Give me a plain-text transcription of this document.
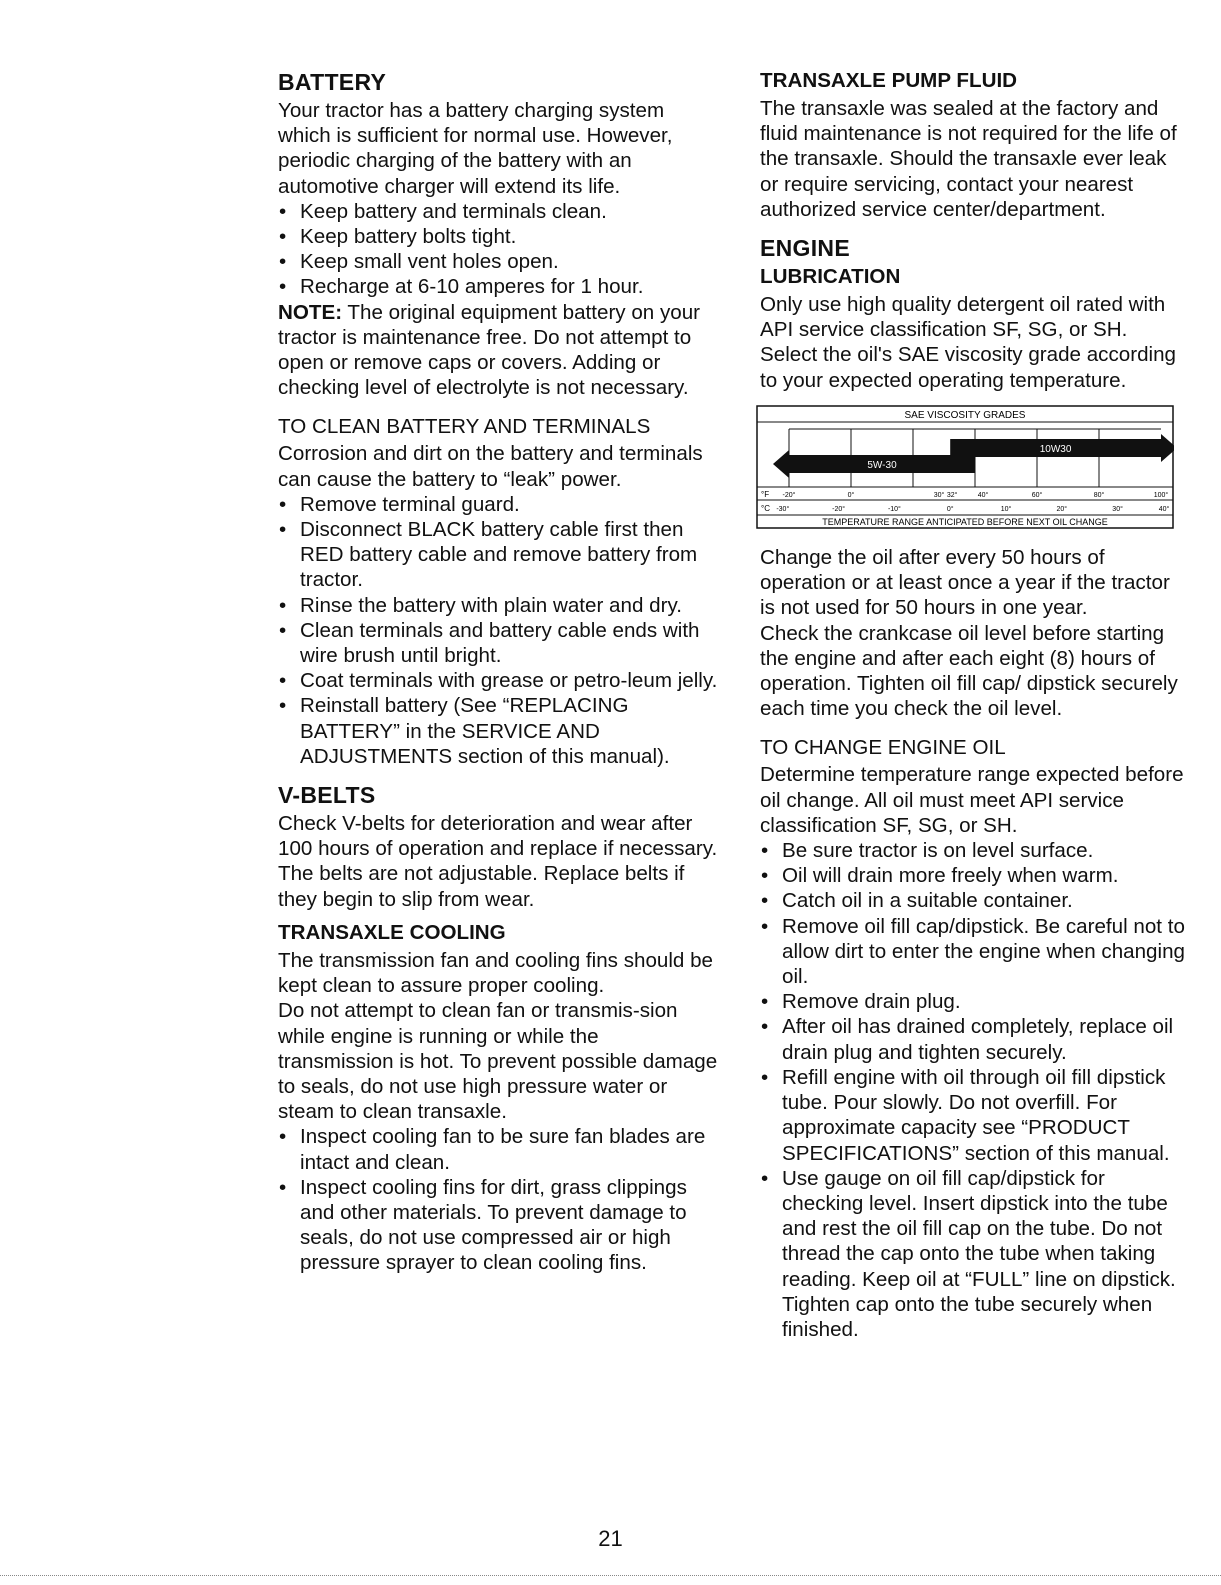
BATTERY

Your tractor has a battery charging system which is sufficient for normal use. However, periodic charging of the battery with an automotive charger will extend its life.

• Keep battery and terminals clean.
• Keep battery bolts tight.
• Keep small vent holes open.
• Recharge at 6-10 amperes for 1 hour.

NOTE: The original equipment battery on your tractor is maintenance free. Do not attempt to open or remove caps or covers. Adding or checking level of electrolyte is not necessary.

TO CLEAN BATTERY AND TERMINALS

Corrosion and dirt on the battery and terminals can cause the battery to “leak” power.

• Remove terminal guard.
• Disconnect BLACK battery cable first then RED battery cable and remove battery from tractor.
• Rinse the battery with plain water and dry.
• Clean terminals and battery cable ends with wire brush until bright.
• Coat terminals with grease or petro-leum jelly.
• Reinstall battery (See “REPLACING BATTERY” in the SERVICE AND ADJUSTMENTS section of this manual).
V-BELTS

Check V-belts for deterioration and wear after 100 hours of operation and replace if necessary. The belts are not adjustable. Replace belts if they begin to slip from wear.

TRANSAXLE COOLING

The transmission fan and cooling fins should be kept clean to assure proper cooling.

Do not attempt to clean fan or transmis-sion while engine is running or while the transmission is hot. To prevent possible damage to seals, do not use high pressure water or steam to clean transaxle.

• Inspect cooling fan to be sure fan blades are intact and clean.
• Inspect cooling fins for dirt, grass clippings and other materials. To prevent damage to seals, do not use compressed air or high pressure sprayer to clean cooling fins.
TRANSAXLE PUMP FLUID

The transaxle was sealed at the factory and fluid maintenance is not required for the life of the transaxle. Should the transaxle ever leak or require servicing, contact your nearest authorized service center/department.

ENGINE
LUBRICATION

Only use high quality detergent oil rated with API service classification SF, SG, or SH. Select the oil's SAE viscosity grade according to your expected operating temperature.

SAE VISCOSITY GRADES
5W-30
10W30
°F
°C
-20°	0°	30° 32°	40°	60°	80°	100°
-30°	-20°	-10°	0°	10°	20°	30°	40°
TEMPERATURE RANGE ANTICIPATED BEFORE NEXT OIL CHANGE

Change the oil after every 50 hours of operation or at least once a year if the tractor is not used for 50 hours in one year.

Check the crankcase oil level before starting the engine and after each eight (8) hours of operation. Tighten oil fill cap/ dipstick securely each time you check the oil level.

TO CHANGE ENGINE OIL

Determine temperature range expected before oil change. All oil must meet API service classification SF, SG, or SH.

• Be sure tractor is on level surface.
• Oil will drain more freely when warm.
• Catch oil in a suitable container.
• Remove oil fill cap/dipstick. Be careful not to allow dirt to enter the engine when changing oil.
• Remove drain plug.
• After oil has drained completely, replace oil drain plug and tighten securely.
• Refill engine with oil through oil fill dipstick tube. Pour slowly. Do not overfill. For approximate capacity see “PRODUCT SPECIFICATIONS” section of this manual.
• Use gauge on oil fill cap/dipstick for checking level. Insert dipstick into the tube and rest the oil fill cap on the tube. Do not thread the cap onto the tube when taking reading. Keep oil at “FULL” line on dipstick. Tighten cap onto the tube securely when finished.
21
